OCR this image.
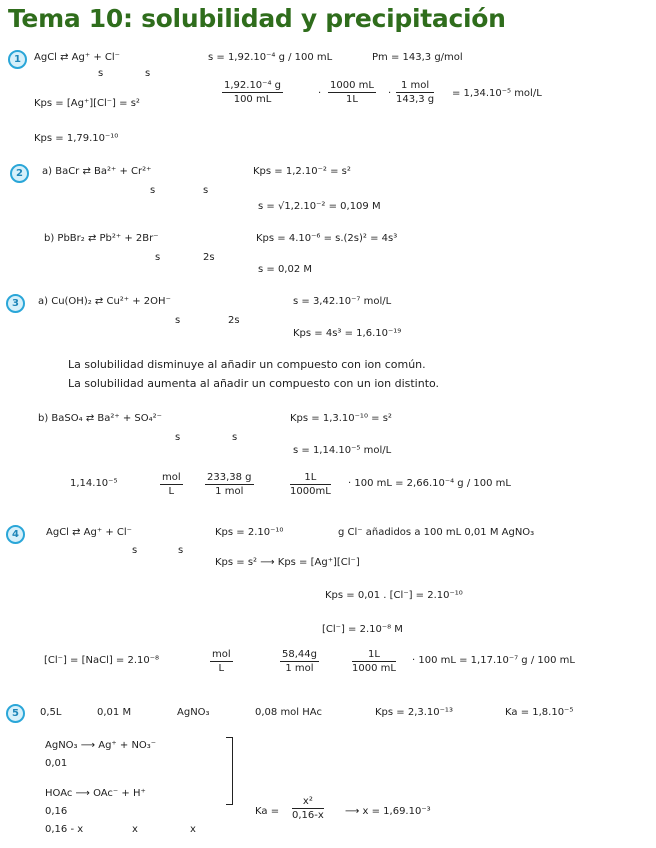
Tema 10: solubilidad y precipitación
1	AgCl ⇄ Ag⁺ + Cl⁻
s	s
s = 1,92.10⁻⁴ g / 100 mL	Pm = 143,3 g/mol
$\frac{\text{1,92.10⁻⁴ g}}{100 mL}$	· $\frac{1000 mL}{1L}$ ·
1 mol
143,3 g
= 1,34.10⁻⁵ mol/L
Kps = [Ag⁺][Cl⁻] = s²
Kps = 1,79.10⁻¹⁰
2	a) BaCr ⇄ Ba²⁺ + Cr²⁺
s	s
Kps = 1,2.10⁻² = s²
s = √1,2.10⁻² = 0,109 M
b) PbBr₂ ⇄ Pb²⁺ + 2Br⁻
s	2s
Kps = 4.10⁻⁶ = s.(2s)² = 4s³
s = 0,02 M
3	a) Cu(OH)₂ ⇄ Cu²⁺ + 2OH⁻
s	2s
s = 3,42.10⁻⁷ mol/L
Kps = 4s³ = 1,6.10⁻¹⁹
La solubilidad disminuye al añadir un compuesto con ion común.
La solubilidad aumenta al añadir un compuesto con un ion distinto.
b) BaSO₄ ⇄ Ba²⁺ + SO₄²⁻
s	s
Kps = 1,3.10⁻¹⁰ = s²
s = 1,14.10⁻⁵ mol/L
1,14.10⁻⁵
mol
L
233,38 g
1 mol	$\frac{1L}{1000mL} \cdot 100$ mL = 2,66.10⁻⁴ g / 100 mL
4	AgCl ⇄ Ag⁺ + Cl⁻
s	s
Kps = 2.10⁻¹⁰	g Cl⁻ añadidos a 100 mL 0,01 M AgNO₃
Kps = s² ⟶ Kps = [Ag⁺][Cl⁻]
Kps = 0,01 . [Cl⁻] = 2.10⁻¹⁰
[Cl⁻] = 2.10⁻⁸ M
[Cl⁻] = [NaCl] = 2.10⁻⁸
mol
L
58,44g
1 mol	$\frac{1L}{1000 mL} \cdot 100$ mL = 1,17.10⁻⁷ g / 100 mL
5	0,5L	0,01 M	AgNO₃	0,08 mol HAc	Kps = 2,3.10⁻¹³	Ka = 1,8.10⁻⁵
AgNO₃ ⟶ Ag⁺ + NO₃⁻
0,01
HOAc ⟶ OAc⁻ + H⁺
0,16
0,16 - x	x	x
$Ka = \frac{\text{x²}}{0,16-x}$ ⟶ x = 1,69.10⁻³
